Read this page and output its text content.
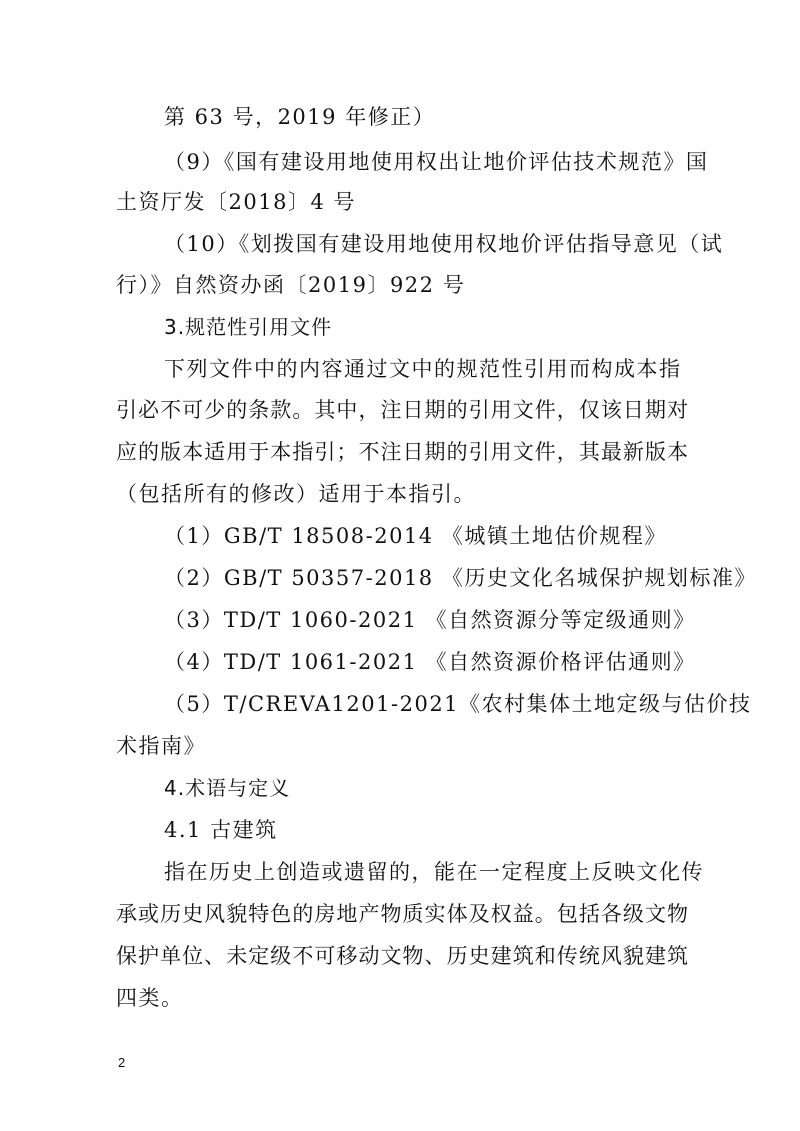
第 63 号，2019 年修正）
（9）《国有建设用地使用权出让地价评估技术规范》国
土资厅发〔2018〕4 号
（10）《划拨国有建设用地使用权地价评估指导意见（试
行）》自然资办函〔2019〕922 号
3.规范性引用文件
下列文件中的内容通过文中的规范性引用而构成本指
引必不可少的条款。其中，注日期的引用文件，仅该日期对
应的版本适用于本指引；不注日期的引用文件，其最新版本
（包括所有的修改）适用于本指引。
（1）GB/T 18508-2014 《城镇土地估价规程》
（2）GB/T 50357-2018 《历史文化名城保护规划标准》
（3）TD/T 1060-2021 《自然资源分等定级通则》
（4）TD/T 1061-2021 《自然资源价格评估通则》
（5）T/CREVA1201-2021《农村集体土地定级与估价技
术指南》
4.术语与定义
4.1 古建筑
指在历史上创造或遗留的，能在一定程度上反映文化传
承或历史风貌特色的房地产物质实体及权益。包括各级文物
保护单位、未定级不可移动文物、历史建筑和传统风貌建筑
四类。
2
